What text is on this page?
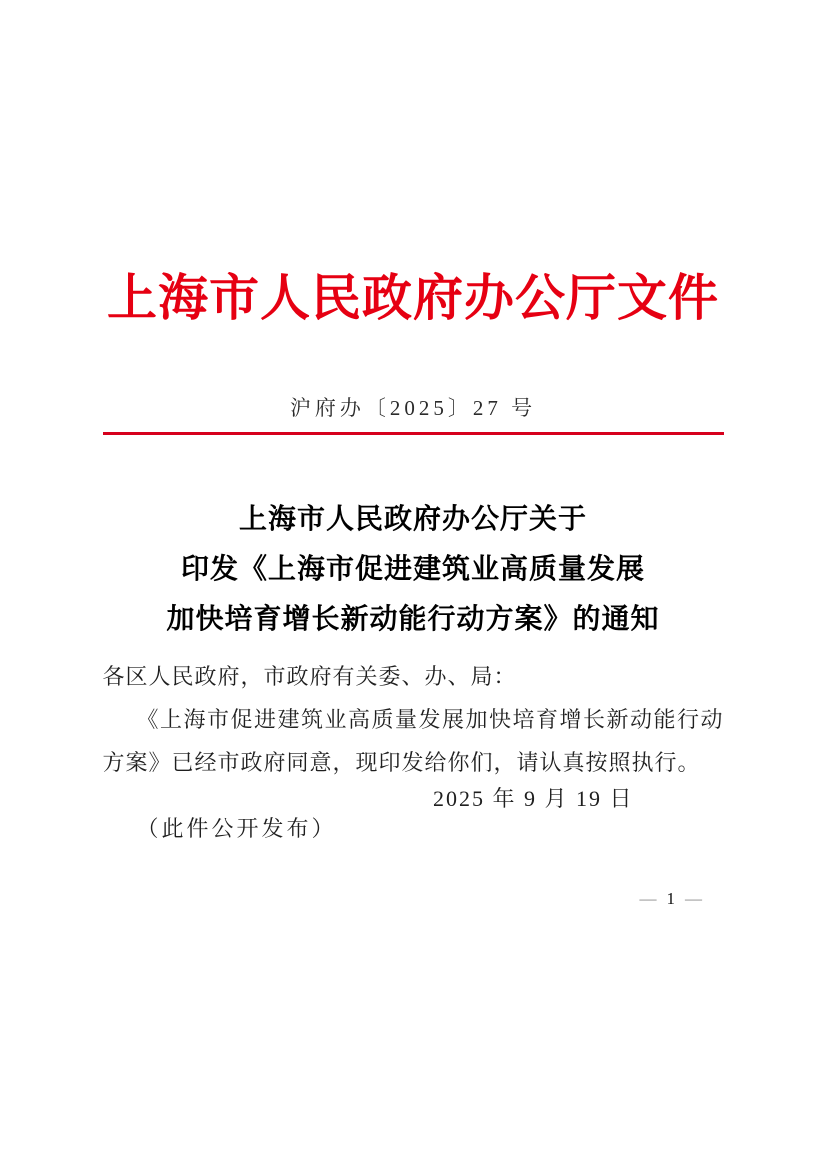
上海市人民政府办公厅文件
沪府办〔2025〕27 号
上海市人民政府办公厅关于
印发《上海市促进建筑业高质量发展
加快培育增长新动能行动方案》的通知

各区人民政府，市政府有关委、办、局：

《上海市促进建筑业高质量发展加快培育增长新动能行动方案》已经市政府同意，现印发给你们，请认真按照执行。

2025 年 9 月 19 日

（此件公开发布）

— 1 —
